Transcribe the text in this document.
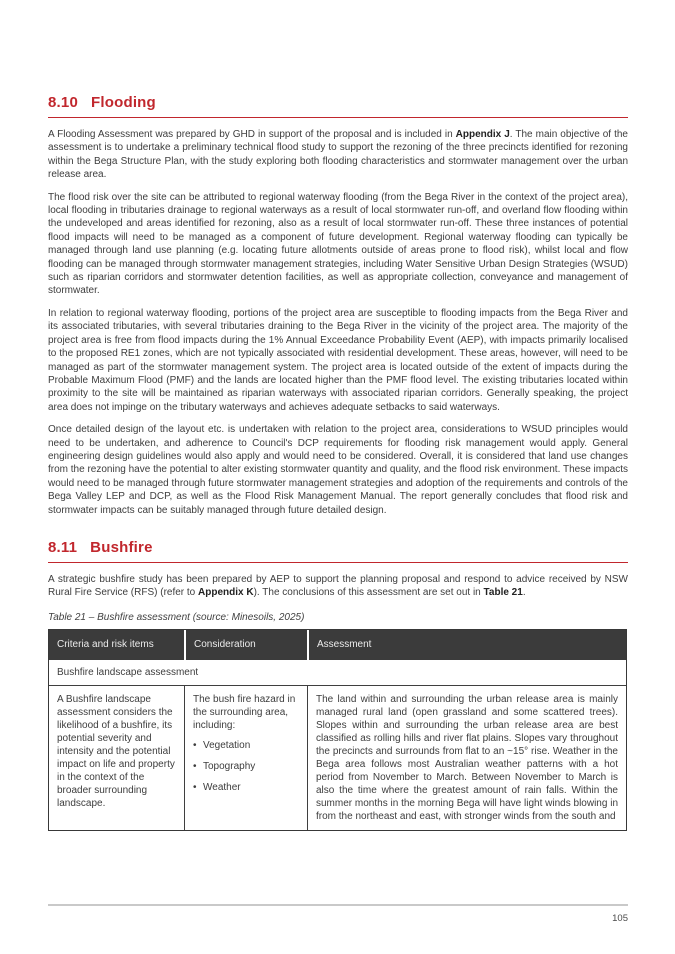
8.10 Flooding

A Flooding Assessment was prepared by GHD in support of the proposal and is included in Appendix J. The main objective of the assessment is to undertake a preliminary technical flood study to support the rezoning of the three precincts identified for rezoning within the Bega Structure Plan, with the study exploring both flooding characteristics and stormwater management over the urban release area.

The flood risk over the site can be attributed to regional waterway flooding (from the Bega River in the context of the project area), local flooding in tributaries drainage to regional waterways as a result of local stormwater run-off, and overland flow flooding within the undeveloped and areas identified for rezoning, also as a result of local stormwater run-off. These three instances of potential flood impacts will need to be managed as a component of future development. Regional waterway flooding can typically be managed through land use planning (e.g. locating future allotments outside of areas prone to flood risk), whilst local and flow flooding can be managed through stormwater management strategies, including Water Sensitive Urban Design Strategies (WSUD) such as riparian corridors and stormwater detention facilities, as well as appropriate collection, conveyance and management of stormwater.

In relation to regional waterway flooding, portions of the project area are susceptible to flooding impacts from the Bega River and its associated tributaries, with several tributaries draining to the Bega River in the vicinity of the project area. The majority of the project area is free from flood impacts during the 1% Annual Exceedance Probability Event (AEP), with impacts primarily localised to the proposed RE1 zones, which are not typically associated with residential development. These areas, however, will need to be managed as part of the stormwater management system. The project area is located outside of the extent of impacts during the Probable Maximum Flood (PMF) and the lands are located higher than the PMF flood level. The existing tributaries located within proximity to the site will be maintained as riparian waterways with associated riparian corridors. Generally speaking, the project area does not impinge on the tributary waterways and achieves adequate setbacks to said waterways.

Once detailed design of the layout etc. is undertaken with relation to the project area, considerations to WSUD principles would need to be undertaken, and adherence to Council's DCP requirements for flooding risk management would apply. General engineering design guidelines would also apply and would need to be considered. Overall, it is considered that land use changes from the rezoning have the potential to alter existing stormwater quantity and quality, and the flood risk environment. These impacts would need to be managed through future stormwater management strategies and adoption of the requirements and controls of the Bega Valley LEP and DCP, as well as the Flood Risk Management Manual. The report generally concludes that flood risk and stormwater impacts can be suitably managed through future detailed design.

8.11 Bushfire

A strategic bushfire study has been prepared by AEP to support the planning proposal and respond to advice received by NSW Rural Fire Service (RFS) (refer to Appendix K). The conclusions of this assessment are set out in Table 21.

Table 21 – Bushfire assessment (source: Minesoils, 2025)

Criteria and risk items	Consideration	Assessment
Bushfire landscape assessment
A Bushfire landscape assessment considers the likelihood of a bushfire, its potential severity and intensity and the potential impact on life and property in the context of the broader surrounding landscape.
The bush fire hazard in the surrounding area, including:
• Vegetation
• Topography
• Weather
The land within and surrounding the urban release area is mainly managed rural land (open grassland and some scattered trees). Slopes within and surrounding the urban release area are best classified as rolling hills and river flat plains. Slopes vary throughout the precincts and surrounds from flat to an ~15° rise. Weather in the Bega area follows most Australian weather patterns with a hot period from November to March. Between November to March is also the time where the greatest amount of rain falls. Within the summer months in the morning Bega will have light winds blowing in from the northeast and east, with stronger winds from the south and
105
